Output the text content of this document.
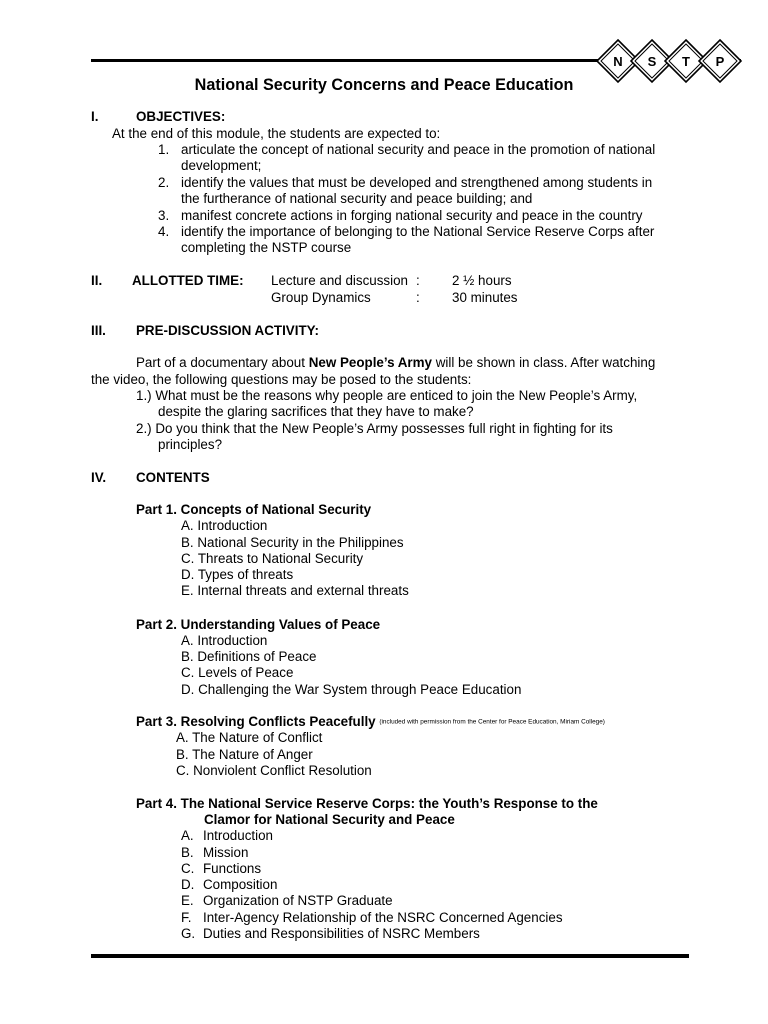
N S T P
National Security Concerns and Peace Education
I.	OBJECTIVES:
At the end of this module, the students are expected to:
1. articulate the concept of national security and peace in the promotion of national
development;
2. identify the values that must be developed and strengthened among students in
the furtherance of national security and peace building; and
3. manifest concrete actions in forging national security and peace in the country
4. identify the importance of belonging to the National Service Reserve Corps after
completing the NSTP course
II. ALLOTTED TIME: Lecture and discussion : 2 ½ hours
Group Dynamics	: 30 minutes
III. PRE-DISCUSSION ACTIVITY:
Part of a documentary about New People’s Army will be shown in class. After watching
the video, the following questions may be posed to the students:
1.) What must be the reasons why people are enticed to join the New People’s Army,
despite the glaring sacrifices that they have to make?
2.) Do you think that the New People’s Army possesses full right in fighting for its
principles?
IV. CONTENTS
Part 1. Concepts of National Security
A. Introduction
B. National Security in the Philippines
C. Threats to National Security
D. Types of threats
E. Internal threats and external threats
Part 2. Understanding Values of Peace
A. Introduction
B. Definitions of Peace
C. Levels of Peace
D. Challenging the War System through Peace Education
Part 3. Resolving Conflicts Peacefully (included with permission from the Center for Peace Education, Miriam College)
A. The Nature of Conflict
B. The Nature of Anger
C. Nonviolent Conflict Resolution
Part 4. The National Service Reserve Corps: the Youth’s Response to the
Clamor for National Security and Peace
A. Introduction
B. Mission
C. Functions
D. Composition
E. Organization of NSTP Graduate
F. Inter-Agency Relationship of the NSRC Concerned Agencies
G. Duties and Responsibilities of NSRC Members
